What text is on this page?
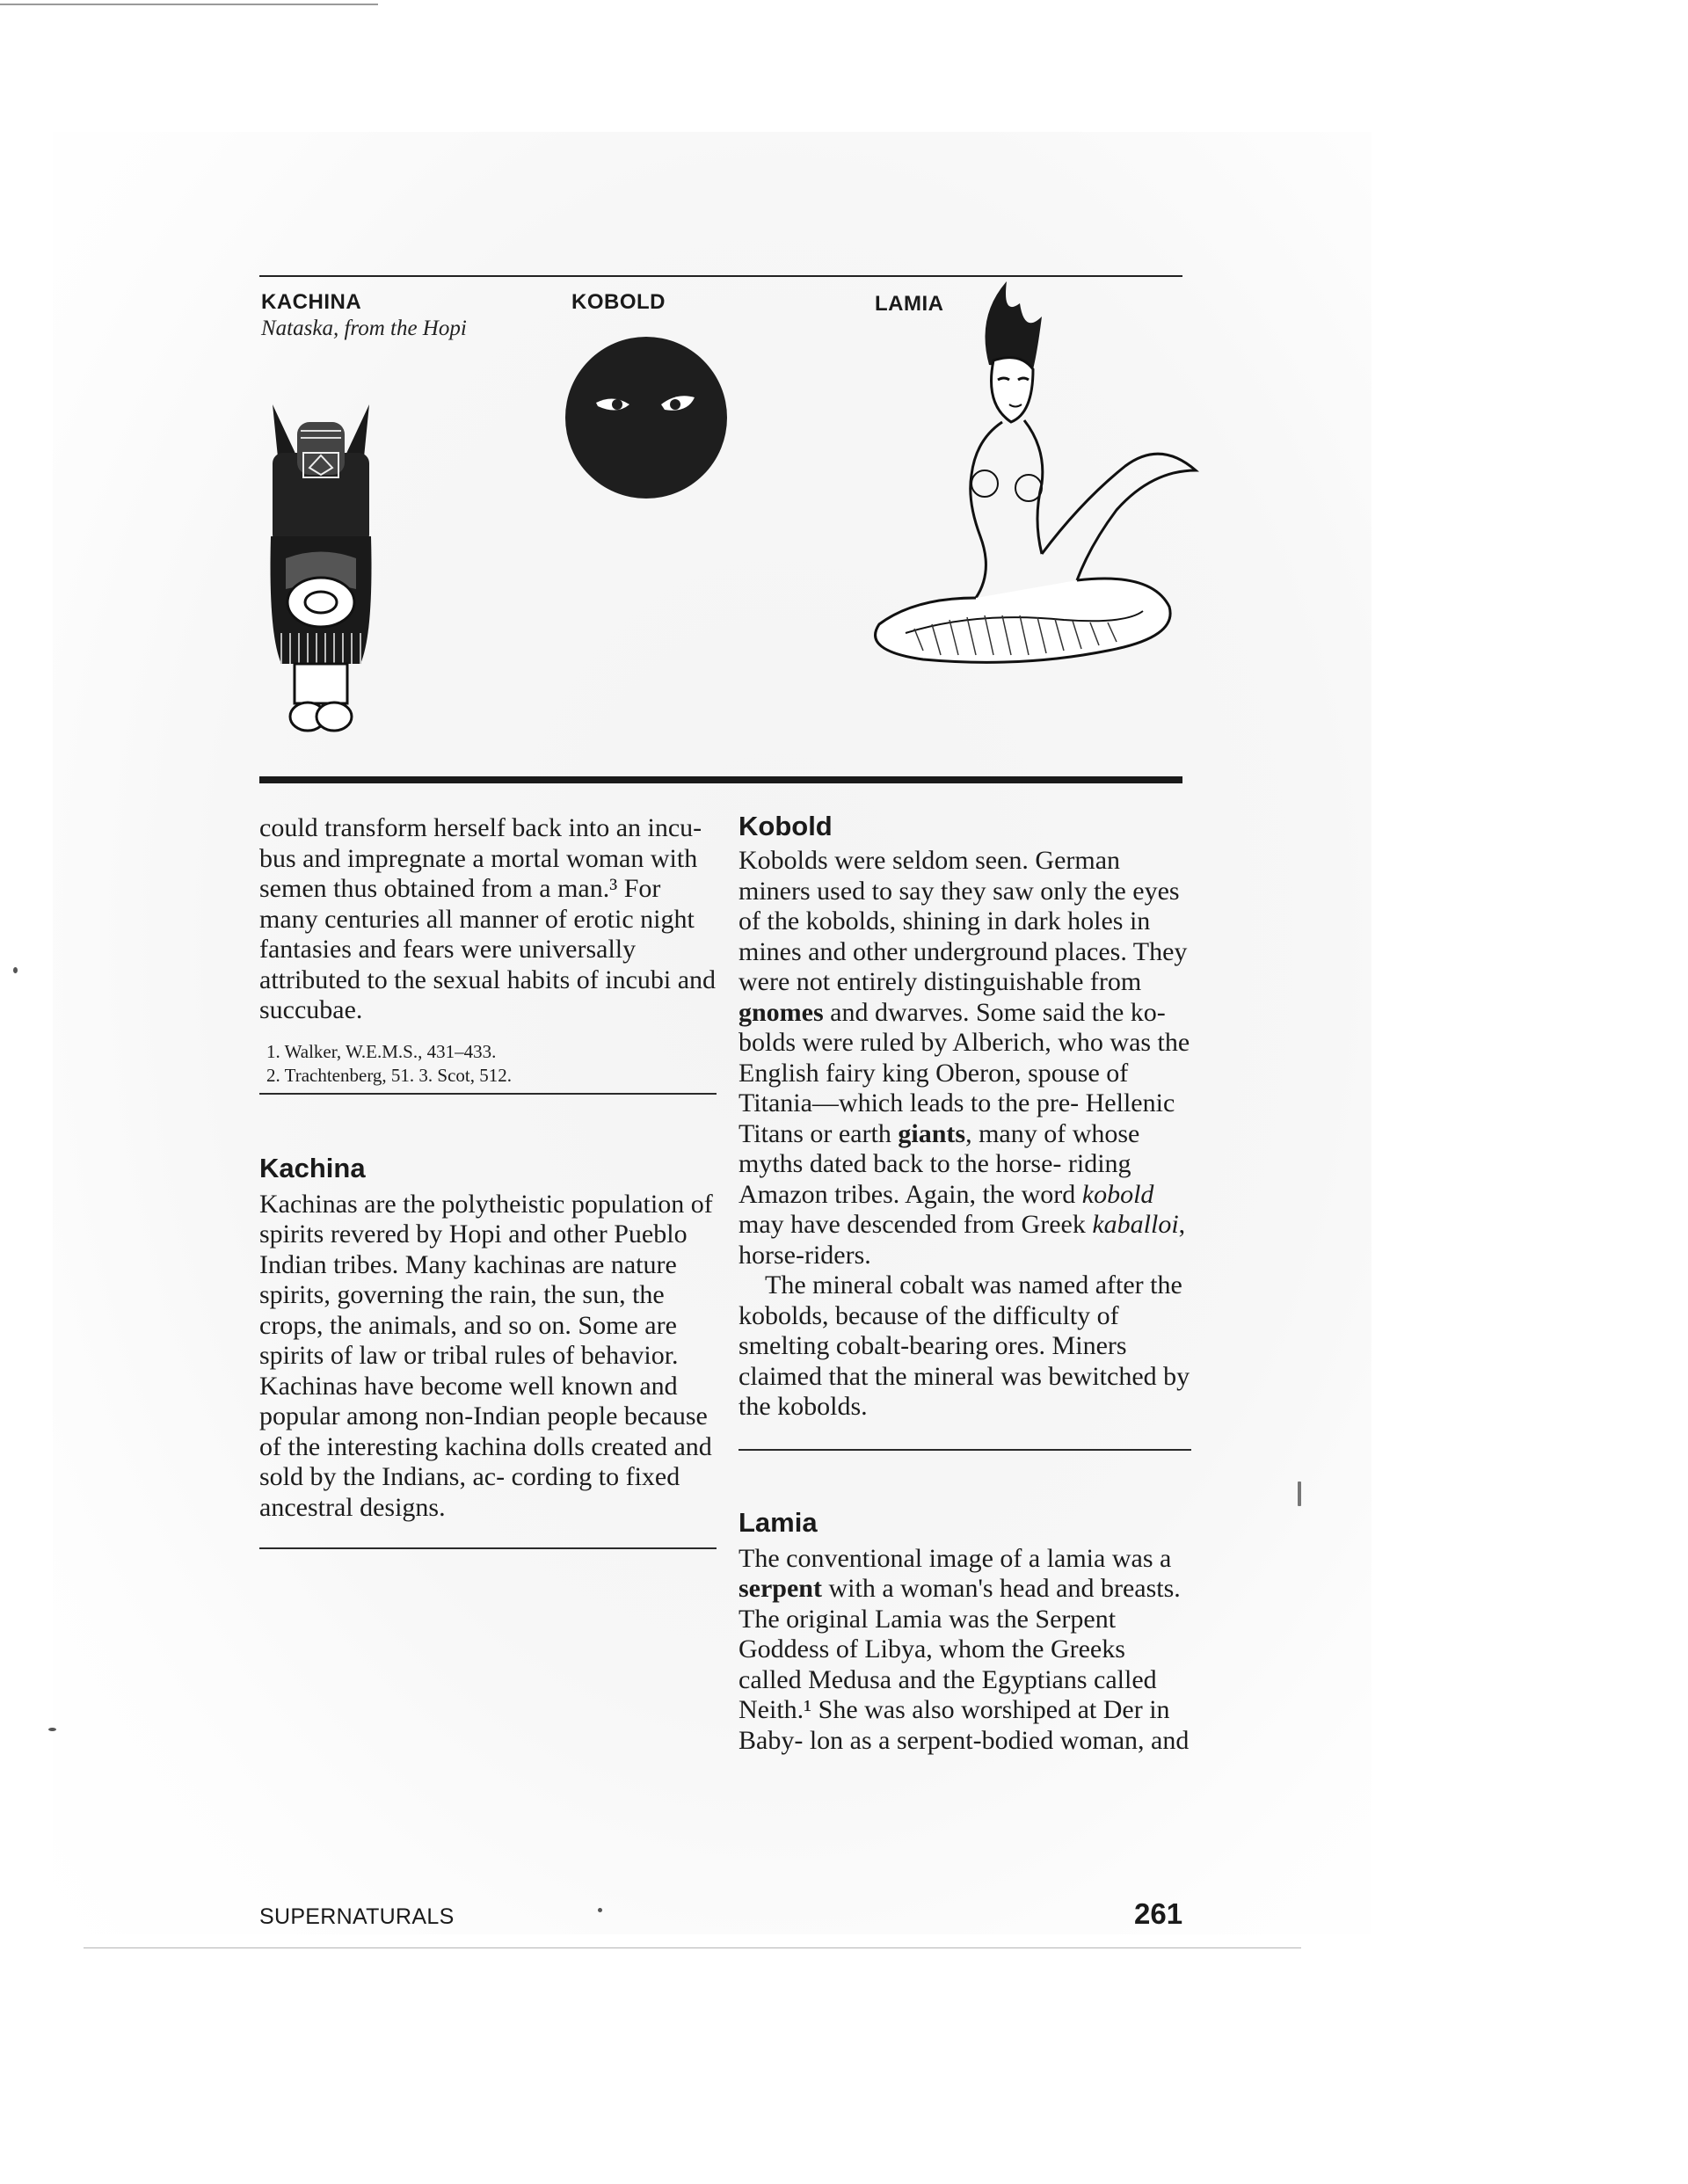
KACHINA
Nataska, from the Hopi
KOBOLD	LAMIA

could transform herself back into an incu- bus and impregnate a mortal woman with semen thus obtained from a man.³ For many centuries all manner of erotic night fantasies and fears were universally attributed to the sexual habits of incubi and succubae.

1. Walker, W.E.M.S., 431–433.
2. Trachtenberg, 51. 3. Scot, 512.
Kachina

Kachinas are the polytheistic population of spirits revered by Hopi and other Pueblo Indian tribes. Many kachinas are nature spirits, governing the rain, the sun, the crops, the animals, and so on. Some are spirits of law or tribal rules of behavior. Kachinas have become well known and popular among non-Indian people because of the interesting kachina dolls created and sold by the Indians, ac- cording to fixed ancestral designs.

Kobold

Kobolds were seldom seen. German miners used to say they saw only the eyes of the kobolds, shining in dark holes in mines and other underground places. They were not entirely distinguishable from gnomes and dwarves. Some said the ko- bolds were ruled by Alberich, who was the English fairy king Oberon, spouse of Titania—which leads to the pre- Hellenic Titans or earth giants, many of whose myths dated back to the horse- riding Amazon tribes. Again, the word kobold may have descended from Greek kaballoi, horse-riders.

The mineral cobalt was named after the kobolds, because of the difficulty of smelting cobalt-bearing ores. Miners claimed that the mineral was bewitched by the kobolds.

Lamia

The conventional image of a lamia was a serpent with a woman's head and breasts. The original Lamia was the Serpent Goddess of Libya, whom the Greeks called Medusa and the Egyptians called Neith.¹ She was also worshiped at Der in Baby- lon as a serpent-bodied woman, and

SUPERNATURALS	261
